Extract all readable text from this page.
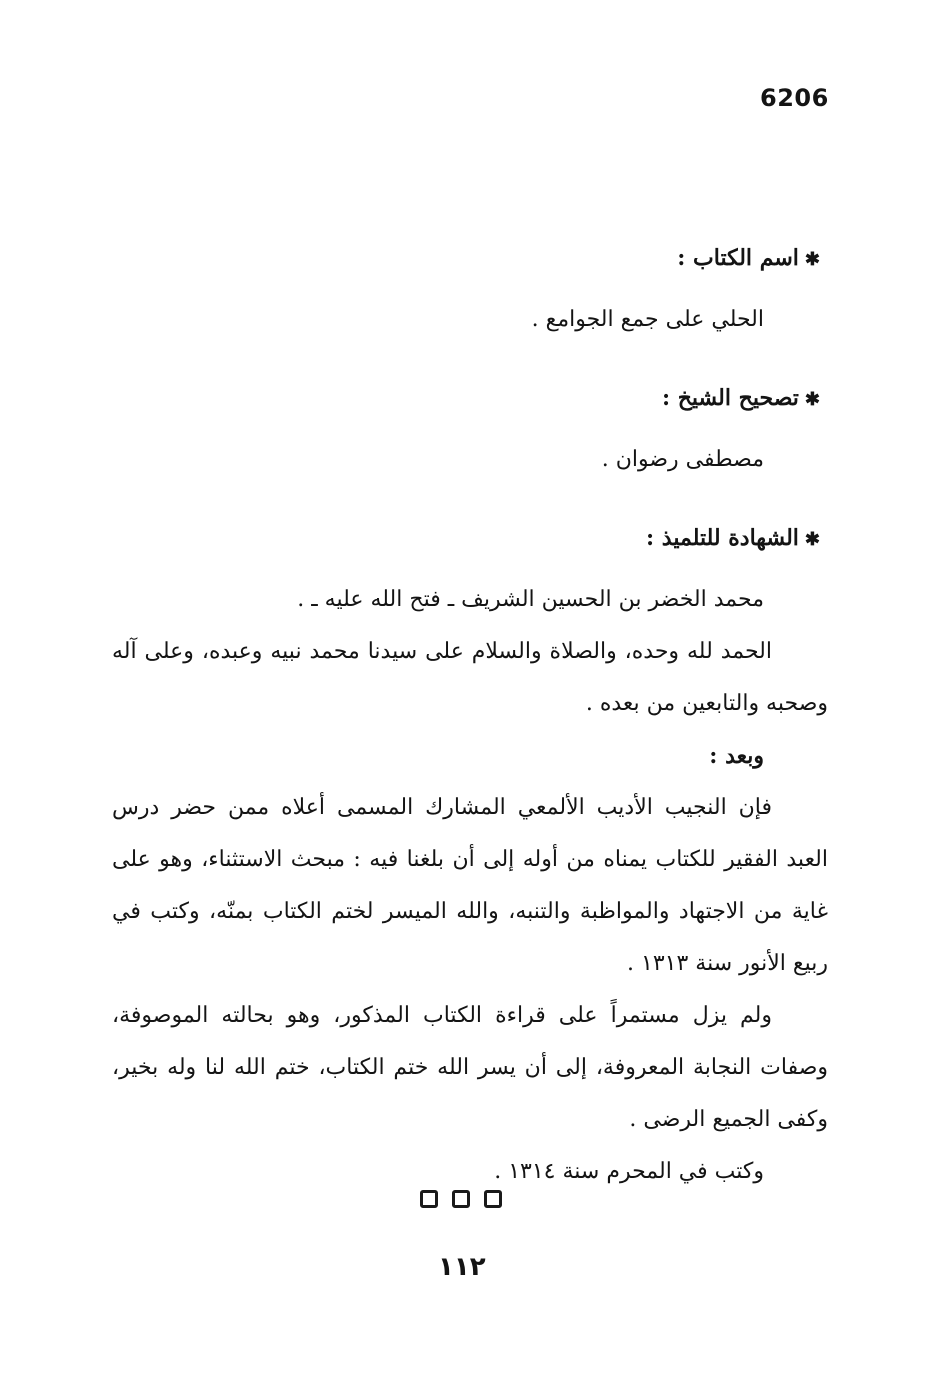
6206

✱اسم الكتاب :

الحلي على جمع الجوامع .

✱تصحيح الشيخ :

مصطفى رضوان .

✱الشهادة للتلميذ :

محمد الخضر بن الحسين الشريف ـ فتح الله عليه ـ .

الحمد لله وحده، والصلاة والسلام على سيدنا محمد نبيه وعبده، وعلى آله وصحبه والتابعين من بعده .

وبعد :

فإن النجيب الأديب الألمعي المشارك المسمى أعلاه ممن حضر درس العبد الفقير للكتاب يمناه من أوله إلى أن بلغنا فيه : مبحث الاستثناء، وهو على غاية من الاجتهاد والمواظبة والتنبه، والله الميسر لختم الكتاب بمنّه، وكتب في ربيع الأنور سنة ١٣١٣ .

ولم يزل مستمراً على قراءة الكتاب المذكور، وهو بحالته الموصوفة، وصفات النجابة المعروفة، إلى أن يسر الله ختم الكتاب، ختم الله لنا وله بخير، وكفى الجميع الرضى .

وكتب في المحرم سنة ١٣١٤ .

١١٢
